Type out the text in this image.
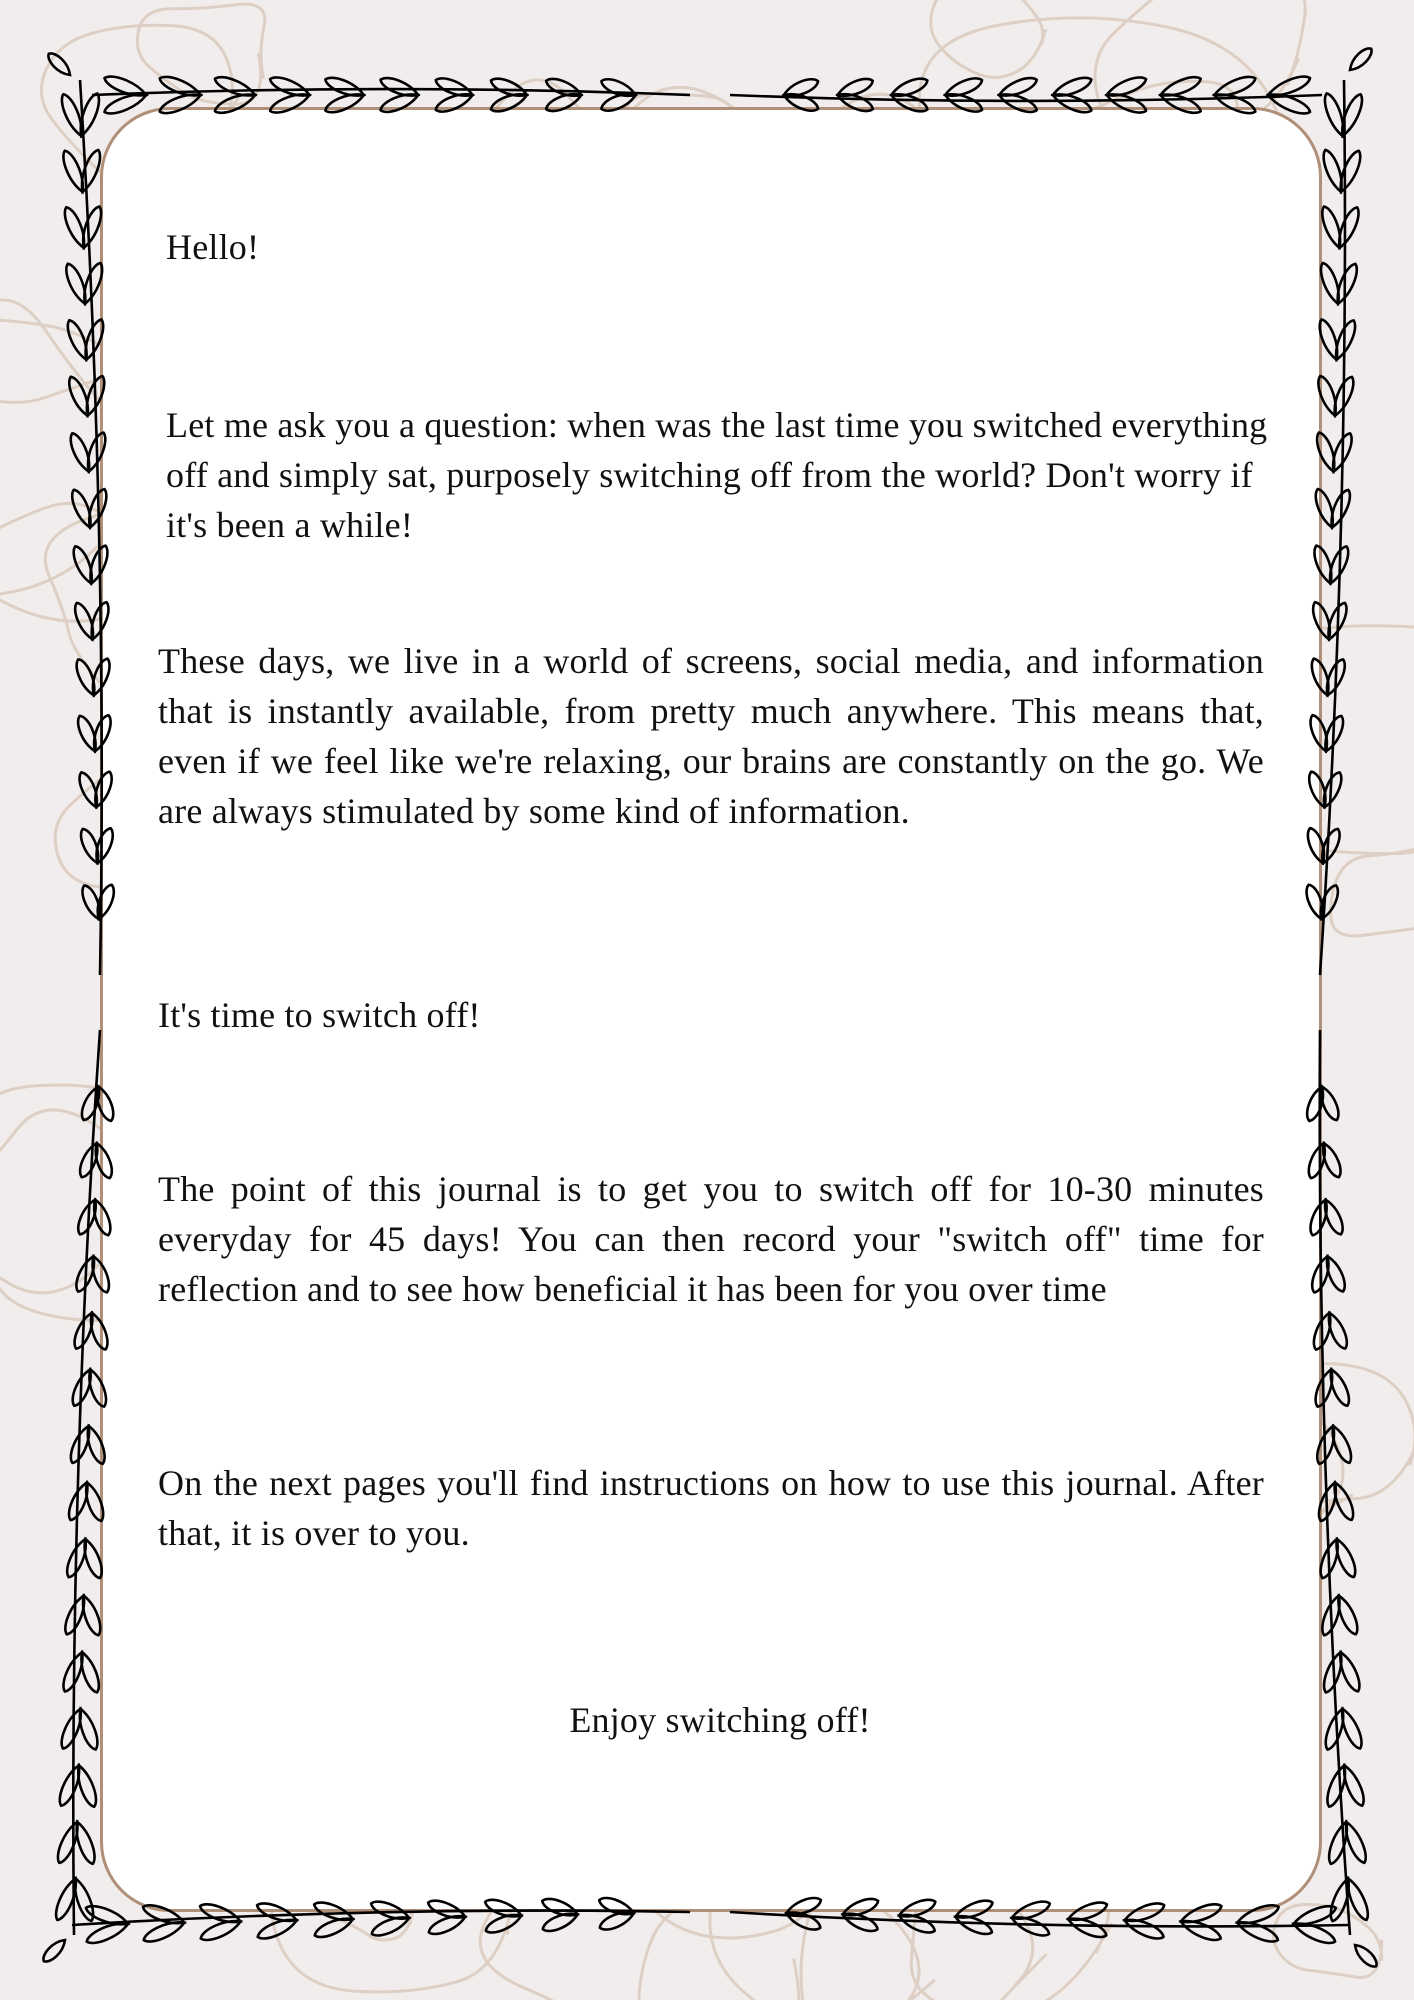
Hello!

Let me ask you a question: when was the last time you switched everything off and simply sat, purposely switching off from the world? Don't worry if it's been a while!

These days, we live in a world of screens, social media, and information that is instantly available, from pretty much anywhere. This means that, even if we feel like we're relaxing, our brains are constantly on the go. We are always stimulated by some kind of information.

It's time to switch off!

The point of this journal is to get you to switch off for 10-30 minutes everyday for 45 days! You can then record your "switch off" time for reflection and to see how beneficial it has been for you over time

On the next pages you'll find instructions on how to use this journal. After that, it is over to you.

Enjoy switching off!
